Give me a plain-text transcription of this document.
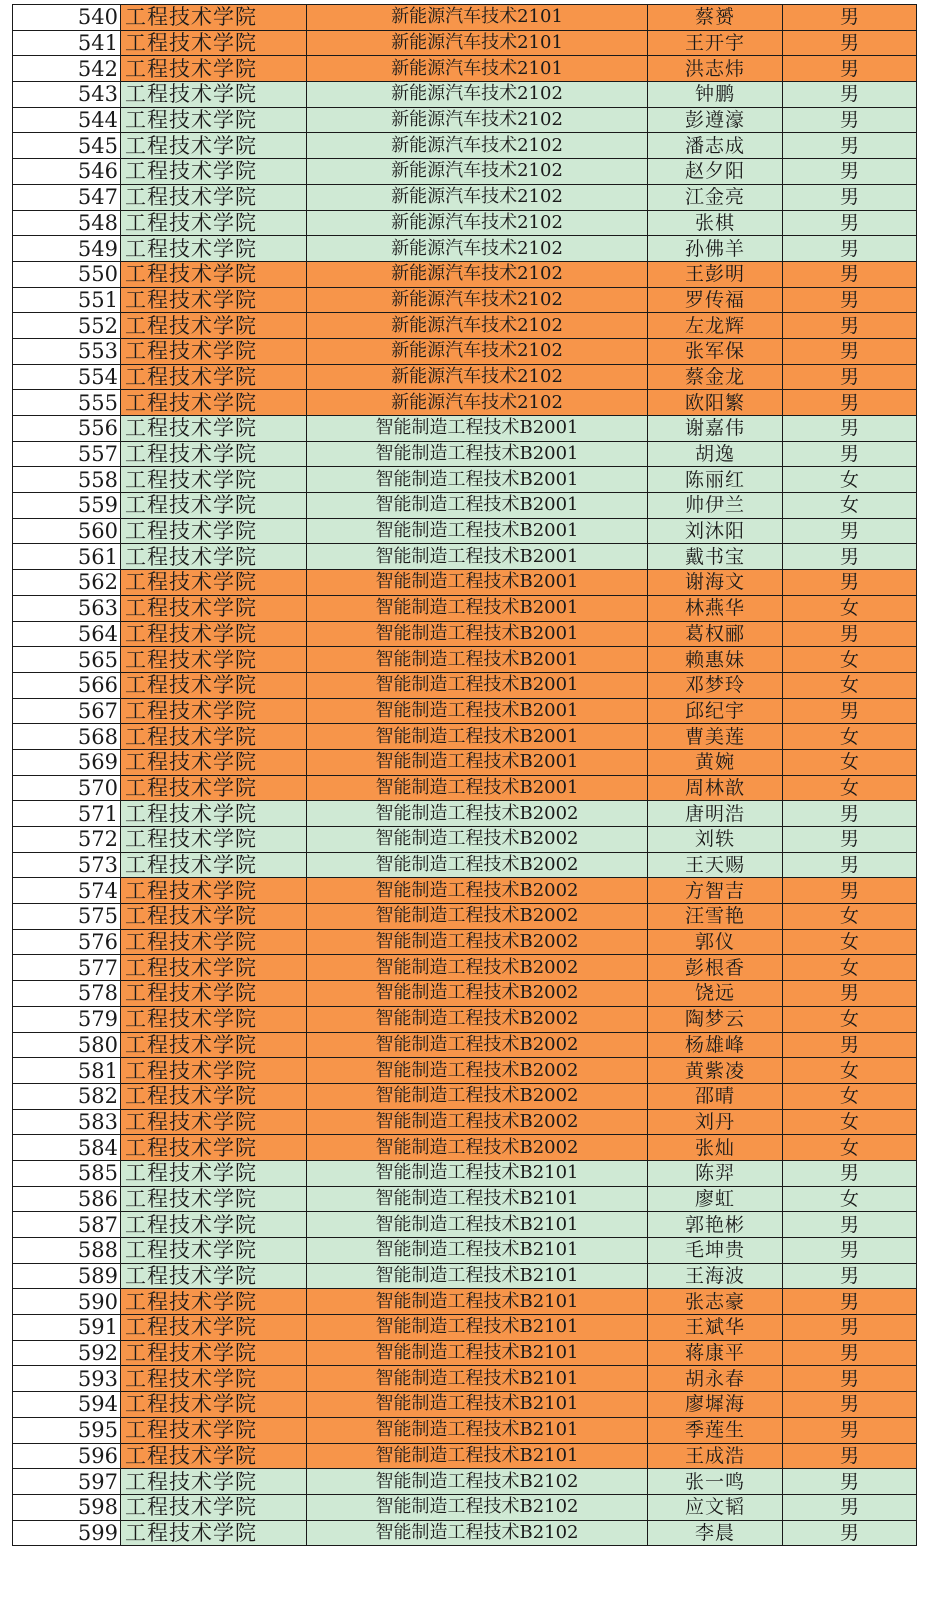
540	工程技术学院	新能源汽车技术2101	蔡赟	男
541	工程技术学院	新能源汽车技术2101	王开宇	男
542	工程技术学院	新能源汽车技术2101	洪志炜	男
543	工程技术学院	新能源汽车技术2102	钟鹏	男
544	工程技术学院	新能源汽车技术2102	彭遵濠	男
545	工程技术学院	新能源汽车技术2102	潘志成	男
546	工程技术学院	新能源汽车技术2102	赵夕阳	男
547	工程技术学院	新能源汽车技术2102	江金亮	男
548	工程技术学院	新能源汽车技术2102	张棋	男
549	工程技术学院	新能源汽车技术2102	孙佛羊	男
550	工程技术学院	新能源汽车技术2102	王彭明	男
551	工程技术学院	新能源汽车技术2102	罗传福	男
552	工程技术学院	新能源汽车技术2102	左龙辉	男
553	工程技术学院	新能源汽车技术2102	张军保	男
554	工程技术学院	新能源汽车技术2102	蔡金龙	男
555	工程技术学院	新能源汽车技术2102	欧阳繁	男
556	工程技术学院	智能制造工程技术B2001	谢嘉伟	男
557	工程技术学院	智能制造工程技术B2001	胡逸	男
558	工程技术学院	智能制造工程技术B2001	陈丽红	女
559	工程技术学院	智能制造工程技术B2001	帅伊兰	女
560	工程技术学院	智能制造工程技术B2001	刘沐阳	男
561	工程技术学院	智能制造工程技术B2001	戴书宝	男
562	工程技术学院	智能制造工程技术B2001	谢海文	男
563	工程技术学院	智能制造工程技术B2001	林燕华	女
564	工程技术学院	智能制造工程技术B2001	葛权郦	男
565	工程技术学院	智能制造工程技术B2001	赖惠妹	女
566	工程技术学院	智能制造工程技术B2001	邓梦玲	女
567	工程技术学院	智能制造工程技术B2001	邱纪宇	男
568	工程技术学院	智能制造工程技术B2001	曹美莲	女
569	工程技术学院	智能制造工程技术B2001	黄婉	女
570	工程技术学院	智能制造工程技术B2001	周林歆	女
571	工程技术学院	智能制造工程技术B2002	唐明浩	男
572	工程技术学院	智能制造工程技术B2002	刘轶	男
573	工程技术学院	智能制造工程技术B2002	王天赐	男
574	工程技术学院	智能制造工程技术B2002	方智吉	男
575	工程技术学院	智能制造工程技术B2002	汪雪艳	女
576	工程技术学院	智能制造工程技术B2002	郭仪	女
577	工程技术学院	智能制造工程技术B2002	彭根香	女
578	工程技术学院	智能制造工程技术B2002	饶远	男
579	工程技术学院	智能制造工程技术B2002	陶梦云	女
580	工程技术学院	智能制造工程技术B2002	杨雄峰	男
581	工程技术学院	智能制造工程技术B2002	黄紫凌	女
582	工程技术学院	智能制造工程技术B2002	邵晴	女
583	工程技术学院	智能制造工程技术B2002	刘丹	女
584	工程技术学院	智能制造工程技术B2002	张灿	女
585	工程技术学院	智能制造工程技术B2101	陈羿	男
586	工程技术学院	智能制造工程技术B2101	廖虹	女
587	工程技术学院	智能制造工程技术B2101	郭艳彬	男
588	工程技术学院	智能制造工程技术B2101	毛坤贵	男
589	工程技术学院	智能制造工程技术B2101	王海波	男
590	工程技术学院	智能制造工程技术B2101	张志豪	男
591	工程技术学院	智能制造工程技术B2101	王斌华	男
592	工程技术学院	智能制造工程技术B2101	蒋康平	男
593	工程技术学院	智能制造工程技术B2101	胡永春	男
594	工程技术学院	智能制造工程技术B2101	廖墀海	男
595	工程技术学院	智能制造工程技术B2101	季莲生	男
596	工程技术学院	智能制造工程技术B2101	王成浩	男
597	工程技术学院	智能制造工程技术B2102	张一鸣	男
598	工程技术学院	智能制造工程技术B2102	应文韬	男
599	工程技术学院	智能制造工程技术B2102	李晨	男
